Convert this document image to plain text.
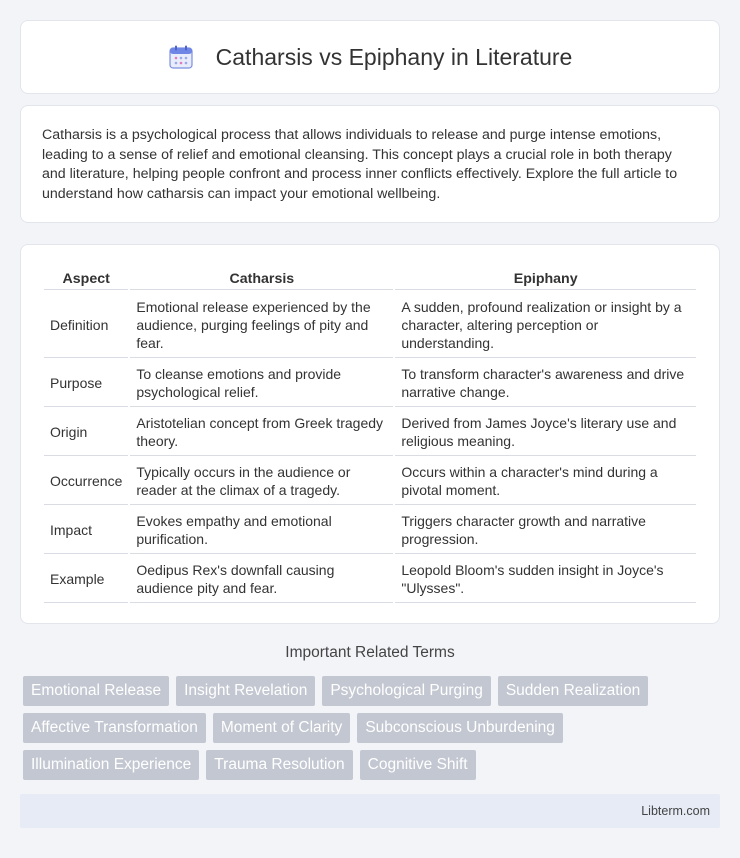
Catharsis vs Epiphany in Literature

Catharsis is a psychological process that allows individuals to release and purge intense emotions, leading to a sense of relief and emotional cleansing. This concept plays a crucial role in both therapy and literature, helping people confront and process inner conflicts effectively. Explore the full article to understand how catharsis can impact your emotional wellbeing.

Aspect	Catharsis	Epiphany
Definition	Emotional release experienced by the audience, purging feelings of pity and fear.	A sudden, profound realization or insight by a character, altering perception or understanding.
Purpose	To cleanse emotions and provide psychological relief.	To transform character's awareness and drive narrative change.
Origin	Aristotelian concept from Greek tragedy theory.	Derived from James Joyce's literary use and religious meaning.
Occurrence	Typically occurs in the audience or reader at the climax of a tragedy.	Occurs within a character's mind during a pivotal moment.
Impact	Evokes empathy and emotional purification.	Triggers character growth and narrative progression.
Example	Oedipus Rex's downfall causing audience pity and fear.	Leopold Bloom's sudden insight in Joyce's "Ulysses".
Important Related Terms
Emotional Release	Insight Revelation	Psychological Purging	Sudden Realization
Affective Transformation	Moment of Clarity	Subconscious Unburdening
Illumination Experience	Trauma Resolution	Cognitive Shift
Libterm.com
